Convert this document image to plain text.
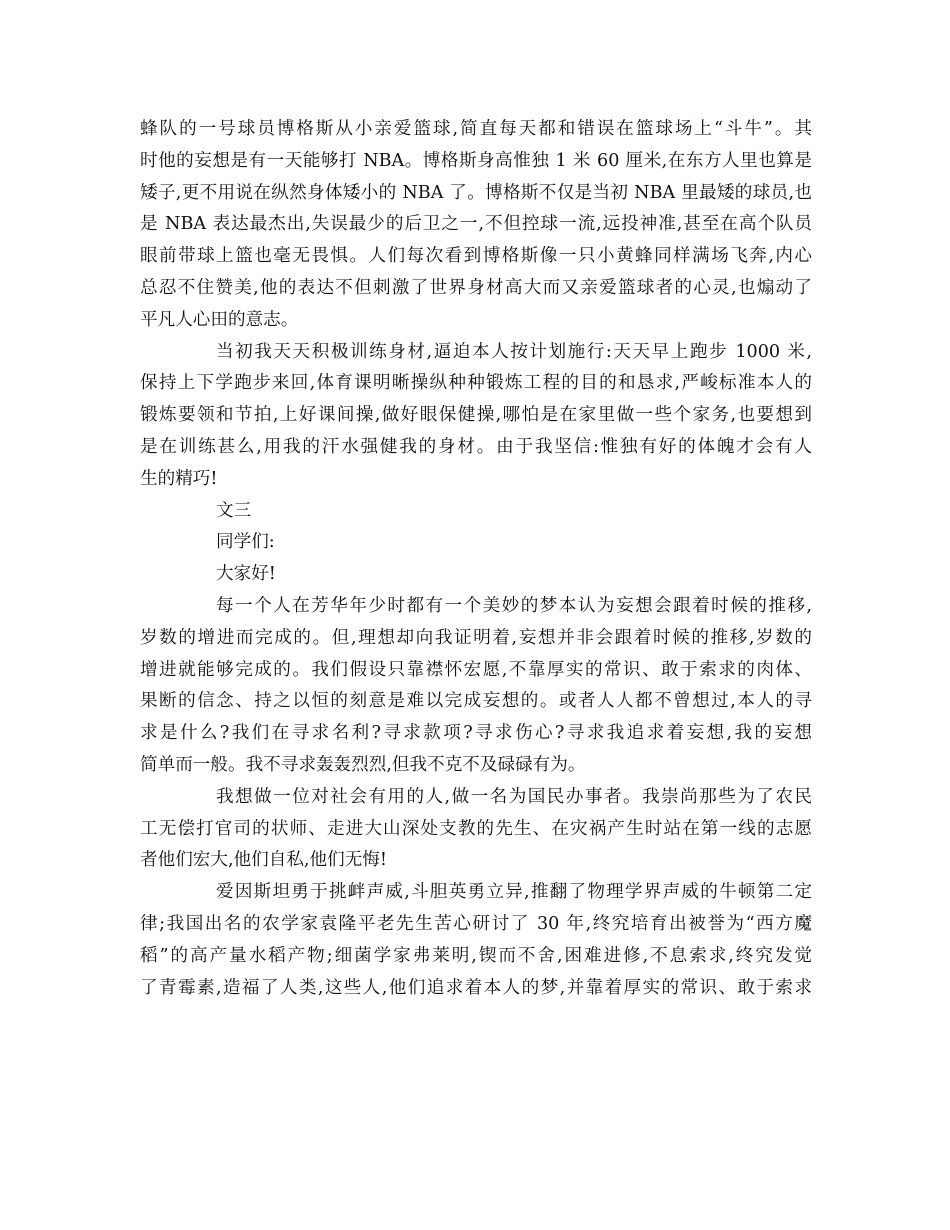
蜂队的一号球员博格斯从小亲爱篮球,简直每天都和错误在篮球场上“斗牛”。其
时他的妄想是有一天能够打 NBA。博格斯身高惟独 1 米 60 厘米,在东方人里也算是
矮子,更不用说在纵然身体矮小的 NBA 了。博格斯不仅是当初 NBA 里最矮的球员,也
是 NBA 表达最杰出,失误最少的后卫之一,不但控球一流,远投神准,甚至在高个队员
眼前带球上篮也毫无畏惧。人们每次看到博格斯像一只小黄蜂同样满场飞奔,内心
总忍不住赞美,他的表达不但刺激了世界身材高大而又亲爱篮球者的心灵,也煽动了
平凡人心田的意志。
当初我天天积极训练身材,逼迫本人按计划施行:天天早上跑步 1000 米,
保持上下学跑步来回,体育课明晰操纵种种锻炼工程的目的和恳求,严峻标准本人的
锻炼要领和节拍,上好课间操,做好眼保健操,哪怕是在家里做一些个家务,也要想到
是在训练甚么,用我的汗水强健我的身材。由于我坚信:惟独有好的体魄才会有人
生的精巧!

文三

同学们:

大家好!

每一个人在芳华年少时都有一个美妙的梦本认为妄想会跟着时候的推移,
岁数的增进而完成的。但,理想却向我证明着,妄想并非会跟着时候的推移,岁数的
增进就能够完成的。我们假设只靠襟怀宏愿,不靠厚实的常识、敢于索求的肉体、
果断的信念、持之以恒的刻意是难以完成妄想的。或者人人都不曾想过,本人的寻
求是什么?我们在寻求名利?寻求款项?寻求伤心?寻求我追求着妄想,我的妄想
简单而一般。我不寻求轰轰烈烈,但我不克不及碌碌有为。
我想做一位对社会有用的人,做一名为国民办事者。我崇尚那些为了农民
工无偿打官司的状师、走进大山深处支教的先生、在灾祸产生时站在第一线的志愿
者他们宏大,他们自私,他们无悔!
爱因斯坦勇于挑衅声威,斗胆英勇立异,推翻了物理学界声威的牛顿第二定
律;我国出名的农学家袁隆平老先生苦心研讨了 30 年,终究培育出被誉为“西方魔
稻”的高产量水稻产物;细菌学家弗莱明,锲而不舍,困难进修,不息索求,终究发觉
了青霉素,造福了人类,这些人,他们追求着本人的梦,并靠着厚实的常识、敢于索求
